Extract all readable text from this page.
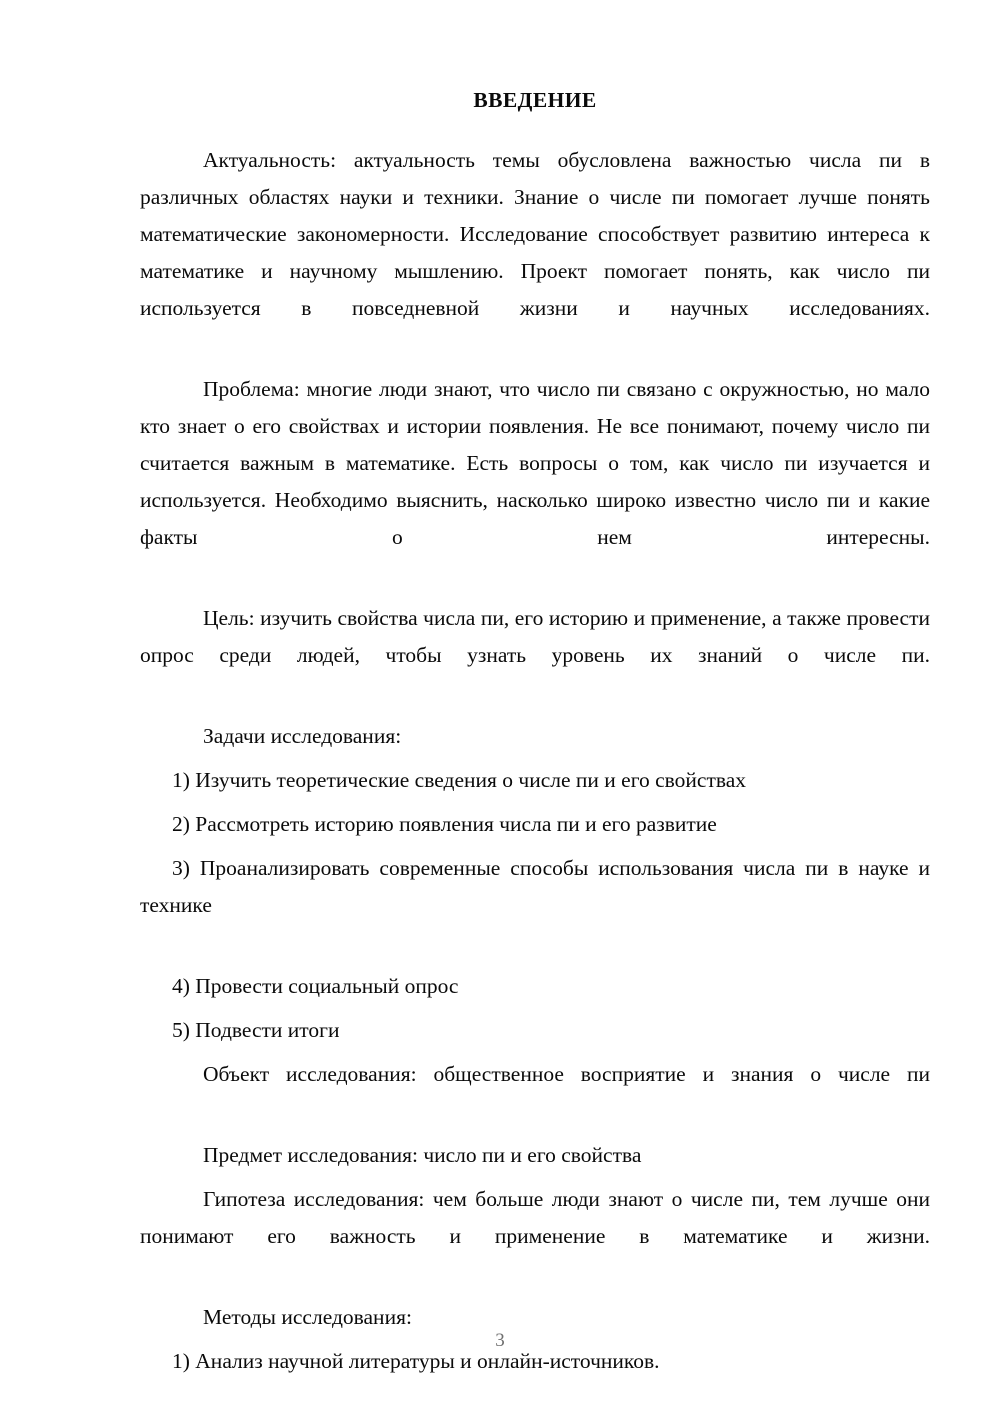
ВВЕДЕНИЕ

Актуальность: актуальность темы обусловлена важностью числа пи в различных областях науки и техники. Знание о числе пи помогает лучше понять математические закономерности. Исследование способствует развитию интереса к математике и научному мышлению. Проект помогает понять, как число пи используется в повседневной жизни и научных исследованиях.

Проблема: многие люди знают, что число пи связано с окружностью, но мало кто знает о его свойствах и истории появления. Не все понимают, почему число пи считается важным в математике. Есть вопросы о том, как число пи изучается и используется. Необходимо выяснить, насколько широко известно число пи и какие факты о нем интересны.

Цель: изучить свойства числа пи, его историю и применение, а также провести опрос среди людей, чтобы узнать уровень их знаний о числе пи.

Задачи исследования:

1) Изучить теоретические сведения о числе пи и его свойствах

2) Рассмотреть историю появления числа пи и его развитие

3) Проанализировать современные способы использования числа пи в науке и технике

4) Провести социальный опрос

5) Подвести итоги

Объект исследования: общественное восприятие и знания о числе пи

Предмет исследования: число пи и его свойства

Гипотеза исследования: чем больше люди знают о числе пи, тем лучше они понимают его важность и применение в математике и жизни.

Методы исследования:

1) Анализ научной литературы и онлайн-источников.

3
